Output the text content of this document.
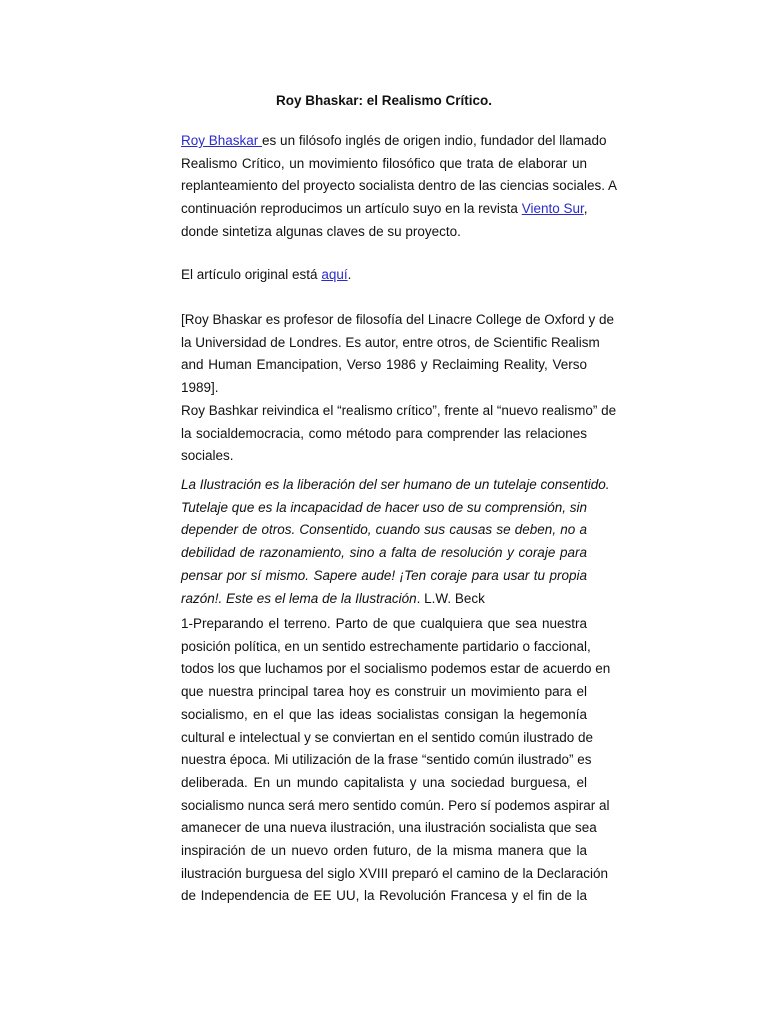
Roy Bhaskar: el Realismo Crítico.

Roy Bhaskar es un filósofo inglés de origen indio, fundador del llamado
Realismo Crítico, un movimiento filosófico que trata de elaborar un
replanteamiento del proyecto socialista dentro de las ciencias sociales. A
continuación reproducimos un artículo suyo en la revista Viento Sur,
donde sintetiza algunas claves de su proyecto.

El artículo original está aquí.

[Roy Bhaskar es profesor de filosofía del Linacre College de Oxford y de
la Universidad de Londres. Es autor, entre otros, de Scientific Realism
and Human Emancipation, Verso 1986 y Reclaiming Reality, Verso
1989].
Roy Bashkar reivindica el “realismo crítico”, frente al “nuevo realismo” de
la socialdemocracia, como método para comprender las relaciones
sociales.

La Ilustración es la liberación del ser humano de un tutelaje consentido.
Tutelaje que es la incapacidad de hacer uso de su comprensión, sin
depender de otros. Consentido, cuando sus causas se deben, no a
debilidad de razonamiento, sino a falta de resolución y coraje para
pensar por sí mismo. Sapere aude! ¡Ten coraje para usar tu propia
razón!. Este es el lema de la Ilustración. L.W. Beck

1-Preparando el terreno. Parto de que cualquiera que sea nuestra
posición política, en un sentido estrechamente partidario o faccional,
todos los que luchamos por el socialismo podemos estar de acuerdo en
que nuestra principal tarea hoy es construir un movimiento para el
socialismo, en el que las ideas socialistas consigan la hegemonía
cultural e intelectual y se conviertan en el sentido común ilustrado de
nuestra época. Mi utilización de la frase “sentido común ilustrado” es
deliberada. En un mundo capitalista y una sociedad burguesa, el
socialismo nunca será mero sentido común. Pero sí podemos aspirar al
amanecer de una nueva ilustración, una ilustración socialista que sea
inspiración de un nuevo orden futuro, de la misma manera que la
ilustración burguesa del siglo XVIII preparó el camino de la Declaración
de Independencia de EE UU, la Revolución Francesa y el fin de la
